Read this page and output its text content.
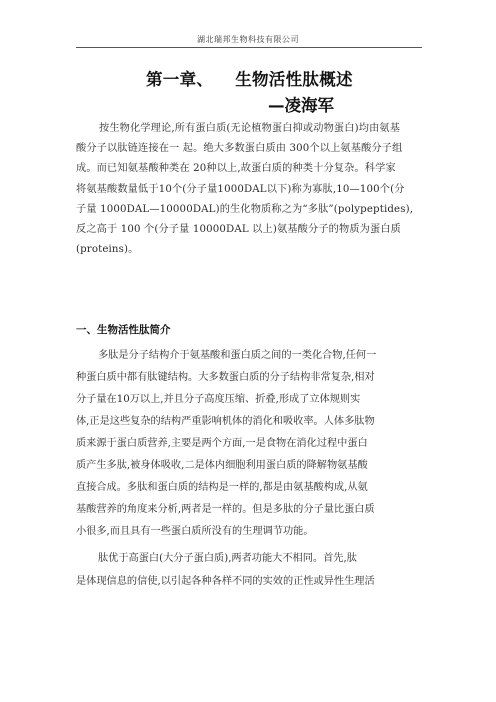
湖北瑞邦生物科技有限公司
第一章、 生物活性肽概述
—凌海军
按生物化学理论,所有蛋白质(无论植物蛋白抑或动物蛋白)均由氨基
酸分子以肽链连接在一 起。绝大多数蛋白质由 300个以上氨基酸分子组
成。而已知氨基酸种类在 20种以上,故蛋白质的种类十分复杂。科学家
将氨基酸数量低于10个(分子量1000DAL以下)称为寡肽,10—100个(分
子量 1000DAL—10000DAL)的生化物质称之为“多肽”(polypeptides),
反之高于 100 个(分子量 10000DAL 以上)氨基酸分子的物质为蛋白质
(proteins)。
一、生物活性肽简介
多肽是分子结构介于氨基酸和蛋白质之间的一类化合物,任何一
种蛋白质中都有肽键结构。大多数蛋白质的分子结构非常复杂,相对
分子量在10万以上,并且分子高度压缩、折叠,形成了立体规则实
体,正是这些复杂的结构严重影响机体的消化和吸收率。人体多肽物
质来源于蛋白质营养,主要是两个方面,一是食物在消化过程中蛋白
质产生多肽,被身体吸收,二是体内细胞利用蛋白质的降解物氨基酸
直接合成。多肽和蛋白质的结构是一样的,都是由氨基酸构成,从氨
基酸营养的角度来分析,两者是一样的。但是多肽的分子量比蛋白质
小很多,而且具有一些蛋白质所没有的生理调节功能。
肽优于高蛋白(大分子蛋白质),两者功能大不相同。首先,肽
是体现信息的信使,以引起各种各样不同的实效的正性或异性生理活
